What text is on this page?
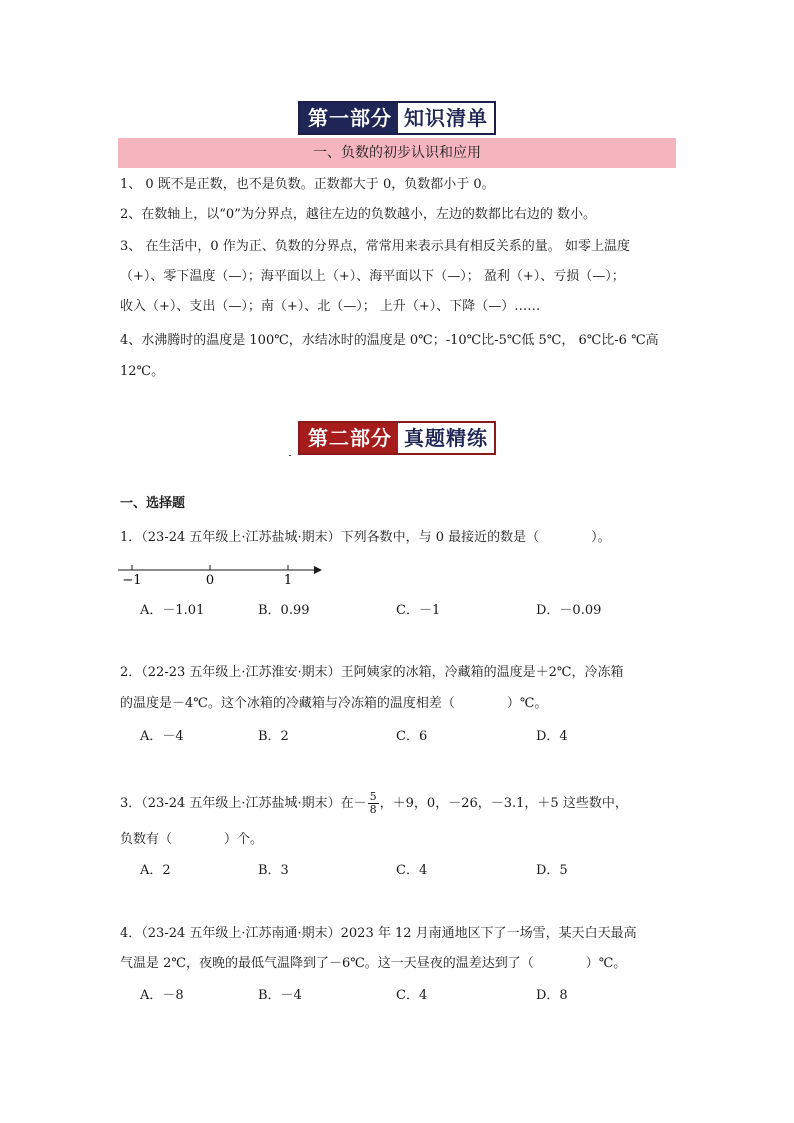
第一部分 知识清单
一、负数的初步认识和应用
1、 0 既不是正数，也不是负数。正数都大于 0，负数都小于 0。
2、在数轴上，以“0”为分界点，越往左边的负数越小，左边的数都比右边的 数小。
3、 在生活中，0 作为正、负数的分界点，常常用来表示具有相反关系的量。 如零上温度
（+）、零下温度（—）；海平面以上（+）、海平面以下（—）； 盈利（+）、亏损（—）；
收入（+）、支出（—）；南（+）、北（—）； 上升（+）、下降（—）……
4、水沸腾时的温度是 100℃，水结冰时的温度是 0℃；-10℃比-5℃低 5℃， 6℃比-6 ℃高
12℃。
第二部分 真题精练
一、选择题
1．（23-24 五年级上·江苏盐城·期末）下列各数中，与 0 最接近的数是（　　　　）。
−1	0	1
A．－1.01	B．0.99	C．－1	D．－0.09
2．（22-23 五年级上·江苏淮安·期末）王阿姨家的冰箱，冷藏箱的温度是＋2℃，冷冻箱
的温度是－4℃。这个冰箱的冷藏箱与冷冻箱的温度相差（　　　　）℃。
A．－4	B．2	C．6	D．4
3．（23-24 五年级上·江苏盐城·期末）在－ $\frac{5}{8}$ ，＋9，0，－26，－3.1，＋5 这些数中，
负数有（　　　　）个。
A．2	B．3	C．4	D．5
4．（23-24 五年级上·江苏南通·期末）2023 年 12 月南通地区下了一场雪，某天白天最高
气温是 2℃，夜晚的最低气温降到了－6℃。这一天昼夜的温差达到了（　　　　）℃。
A．－8	B．－4	C．4	D．8
